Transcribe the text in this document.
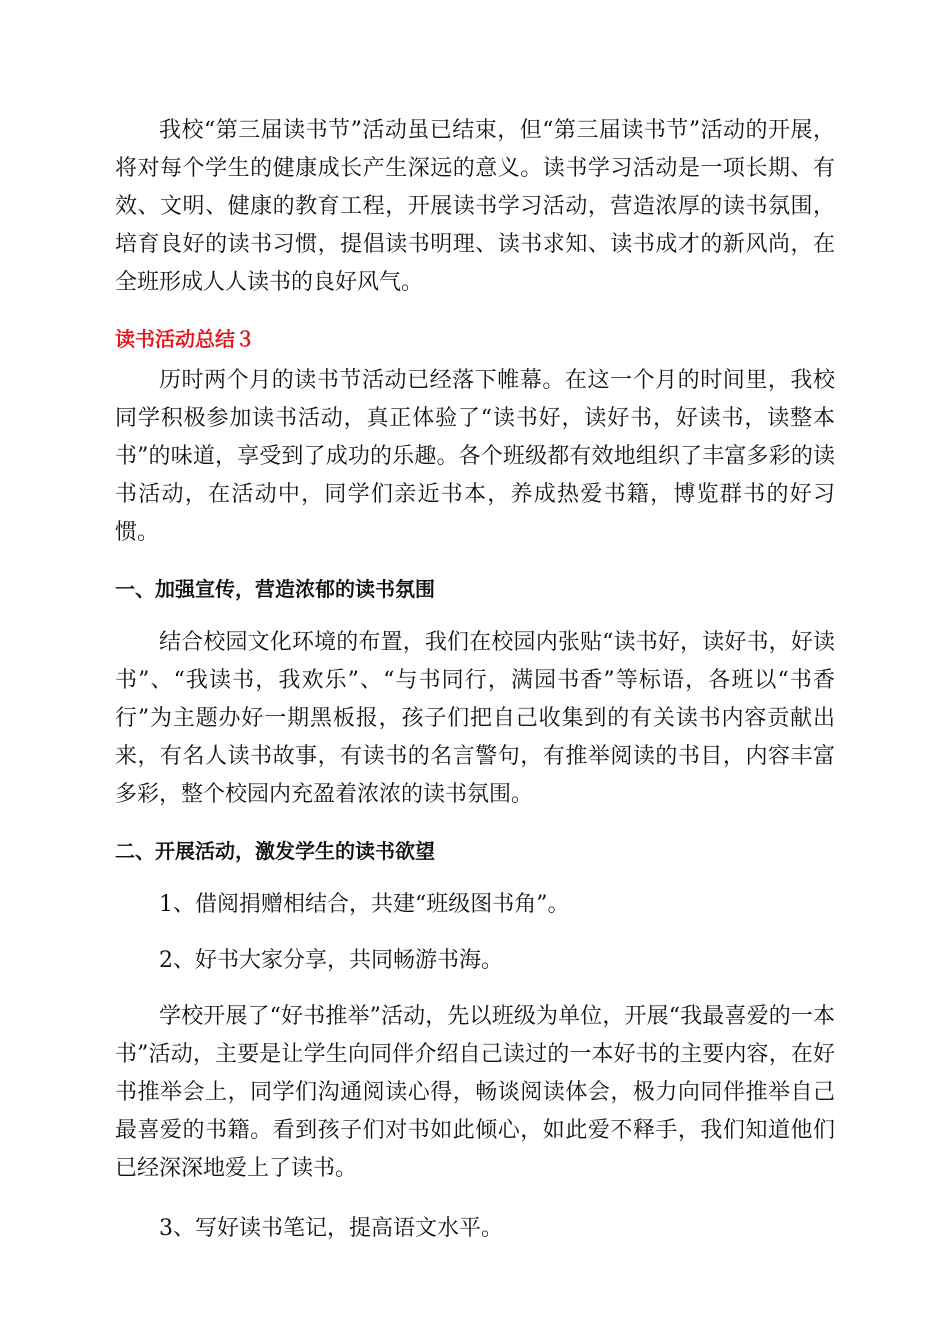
我校“第三届读书节”活动虽已结束，但“第三届读书节”活动的开展，将对每个学生的健康成长产生深远的意义。读书学习活动是一项长期、有效、文明、健康的教育工程，开展读书学习活动，营造浓厚的读书氛围，培育良好的读书习惯，提倡读书明理、读书求知、读书成才的新风尚，在全班形成人人读书的良好风气。

读书活动总结３

历时两个月的读书节活动已经落下帷幕。在这一个月的时间里，我校同学积极参加读书活动，真正体验了“读书好，读好书，好读书，读整本书”的味道，享受到了成功的乐趣。各个班级都有效地组织了丰富多彩的读书活动，在活动中，同学们亲近书本，养成热爱书籍，博览群书的好习惯。

一、加强宣传，营造浓郁的读书氛围

结合校园文化环境的布置，我们在校园内张贴“读书好，读好书，好读书”、“我读书，我欢乐”、“与书同行，满园书香”等标语，各班以“书香行”为主题办好一期黑板报，孩子们把自己收集到的有关读书内容贡献出来，有名人读书故事，有读书的名言警句，有推举阅读的书目，内容丰富多彩，整个校园内充盈着浓浓的读书氛围。

二、开展活动，激发学生的读书欲望

1、借阅捐赠相结合，共建“班级图书角”。

2、好书大家分享，共同畅游书海。

学校开展了“好书推举”活动，先以班级为单位，开展“我最喜爱的一本书”活动，主要是让学生向同伴介绍自己读过的一本好书的主要内容，在好书推举会上，同学们沟通阅读心得，畅谈阅读体会，极力向同伴推举自己最喜爱的书籍。看到孩子们对书如此倾心，如此爱不释手，我们知道他们已经深深地爱上了读书。

3、写好读书笔记，提高语文水平。
